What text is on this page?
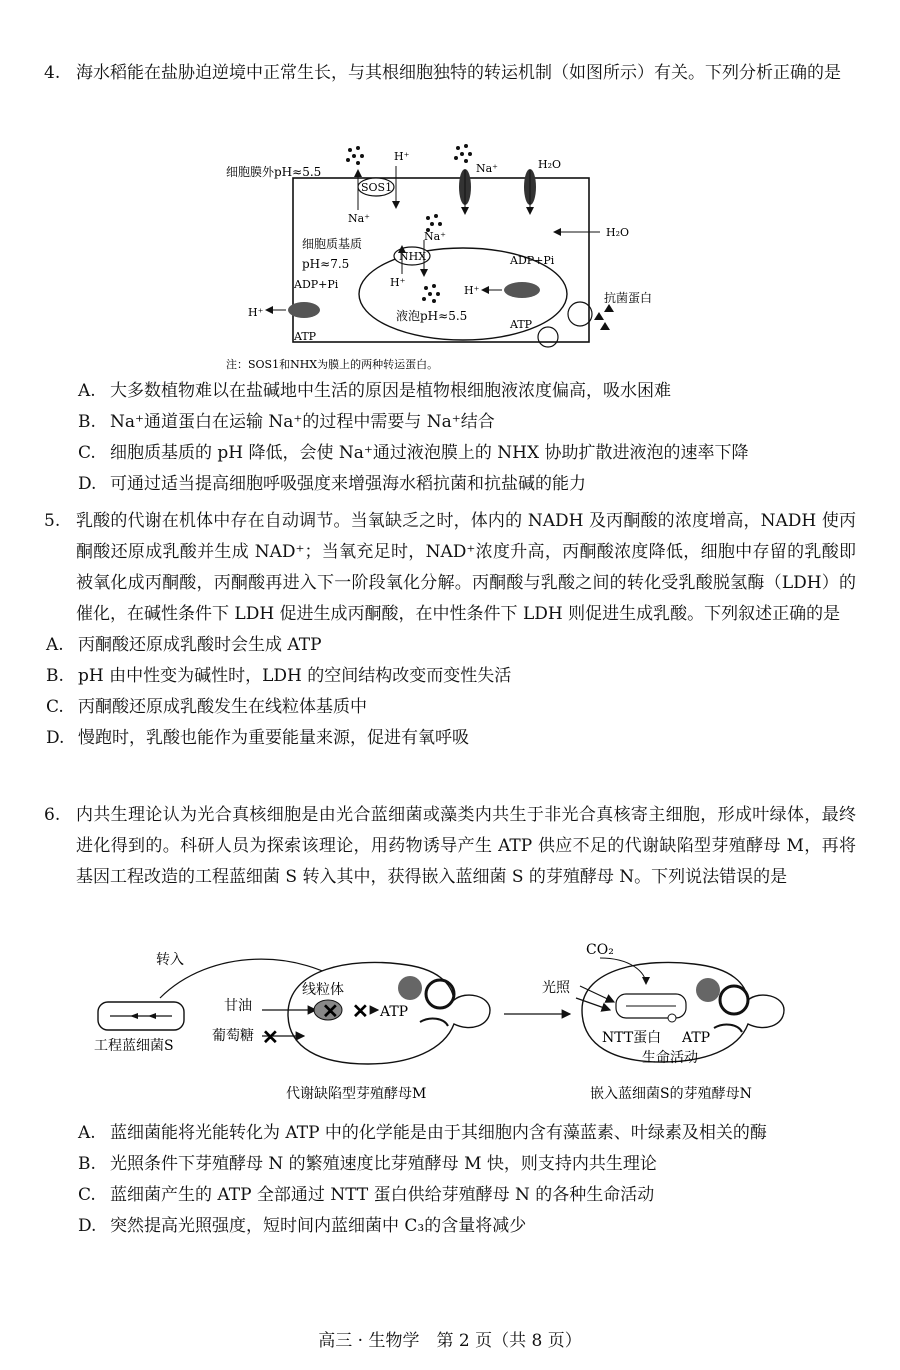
4. 海水稻能在盐胁迫逆境中正常生长，与其根细胞独特的转运机制（如图所示）有关。下列分析正确的是
细胞膜外pH≈5.5
SOS1
H⁺
Na⁺
Na⁺	H₂O
H₂O
细胞质基质
pH≈7.5
NHX
Na⁺
H⁺
液泡pH≈5.5
ADP+Pi
H⁺
ATP
ADP+Pi
H⁺
ATP
抗菌蛋白
注：SOS1和NHX为膜上的两种转运蛋白。
A. 大多数植物难以在盐碱地中生活的原因是植物根细胞液浓度偏高，吸水困难
B. Na⁺通道蛋白在运输 Na⁺的过程中需要与 Na⁺结合
C. 细胞质基质的 pH 降低，会使 Na⁺通过液泡膜上的 NHX 协助扩散进液泡的速率下降
D. 可通过适当提高细胞呼吸强度来增强海水稻抗菌和抗盐碱的能力
5. 乳酸的代谢在机体中存在自动调节。当氧缺乏之时，体内的 NADH 及丙酮酸的浓度增高，NADH 使丙酮酸还原成乳酸并生成 NAD⁺；当氧充足时，NAD⁺浓度升高，丙酮酸浓度降低，细胞中存留的乳酸即被氧化成丙酮酸，丙酮酸再进入下一阶段氧化分解。丙酮酸与乳酸之间的转化受乳酸脱氢酶（LDH）的催化，在碱性条件下 LDH 促进生成丙酮酸，在中性条件下 LDH 则促进生成乳酸。下列叙述正确的是
A. 丙酮酸还原成乳酸时会生成 ATP
B. pH 由中性变为碱性时，LDH 的空间结构改变而变性失活
C. 丙酮酸还原成乳酸发生在线粒体基质中
D. 慢跑时，乳酸也能作为重要能量来源，促进有氧呼吸
6. 内共生理论认为光合真核细胞是由光合蓝细菌或藻类内共生于非光合真核寄主细胞，形成叶绿体，最终进化得到的。科研人员为探索该理论，用药物诱导产生 ATP 供应不足的代谢缺陷型芽殖酵母 M，再将基因工程改造的工程蓝细菌 S 转入其中，获得嵌入蓝细菌 S 的芽殖酵母 N。下列说法错误的是
工程蓝细菌S
转入
甘油
葡萄糖 ✕
线粒体
✕ ✕ ATP
代谢缺陷型芽殖酵母M
CO₂
光照
NTT蛋白 ATP
生命活动
嵌入蓝细菌S的芽殖酵母N
A. 蓝细菌能将光能转化为 ATP 中的化学能是由于其细胞内含有藻蓝素、叶绿素及相关的酶
B. 光照条件下芽殖酵母 N 的繁殖速度比芽殖酵母 M 快，则支持内共生理论
C. 蓝细菌产生的 ATP 全部通过 NTT 蛋白供给芽殖酵母 N 的各种生命活动
D. 突然提高光照强度，短时间内蓝细菌中 C₃的含量将减少
高三 · 生物学　第 2 页（共 8 页）
